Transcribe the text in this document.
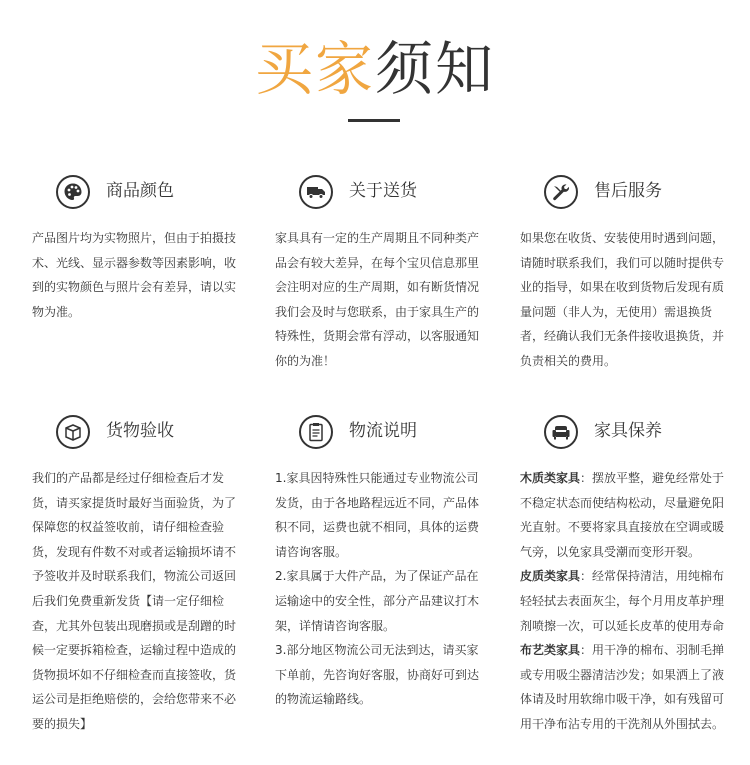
买家须知
商品颜色
产品图片均为实物照片，但由于拍摄技术、光线、显示器参数等因素影响，收到的实物颜色与照片会有差异，请以实物为准。
关于送货
家具具有一定的生产周期且不同种类产品会有较大差异，在每个宝贝信息那里会注明对应的生产周期，如有断货情况我们会及时与您联系，由于家具生产的特殊性，货期会常有浮动，以客服通知你的为准！
售后服务
如果您在收货、安装使用时遇到问题，请随时联系我们，我们可以随时提供专业的指导，如果在收到货物后发现有质量问题（非人为，无使用）需退换货者，经确认我们无条件接收退换货，并负责相关的费用。
货物验收
我们的产品都是经过仔细检查后才发货，请买家提货时最好当面验货，为了保障您的权益签收前，请仔细检查验货，发现有件数不对或者运输损坏请不予签收并及时联系我们，物流公司返回后我们免费重新发货【请一定仔细检查，尤其外包装出现磨损或是刮蹭的时候一定要拆箱检查，运输过程中造成的货物损坏如不仔细检查而直接签收，货运公司是拒绝赔偿的，会给您带来不必要的损失】
物流说明

1.家具因特殊性只能通过专业物流公司发货，由于各地路程远近不同，产品体积不同，运费也就不相同，具体的运费请咨询客服。

2.家具属于大件产品，为了保证产品在运输途中的安全性，部分产品建议打木架，详情请咨询客服。

3.部分地区物流公司无法到达，请买家下单前，先咨询好客服，协商好可到达的物流运输路线。

家具保养

木质类家具：摆放平整，避免经常处于不稳定状态而使结构松动，尽量避免阳光直射。不要将家具直接放在空调或暖气旁，以免家具受潮而变形开裂。

皮质类家具：经常保持清洁，用纯棉布轻轻拭去表面灰尘，每个月用皮革护理剂喷擦一次，可以延长皮革的使用寿命

布艺类家具：用干净的棉布、羽制毛掸或专用吸尘器清洁沙发；如果洒上了液体请及时用软绵巾吸干净，如有残留可用干净布沾专用的干洗剂从外围拭去。
